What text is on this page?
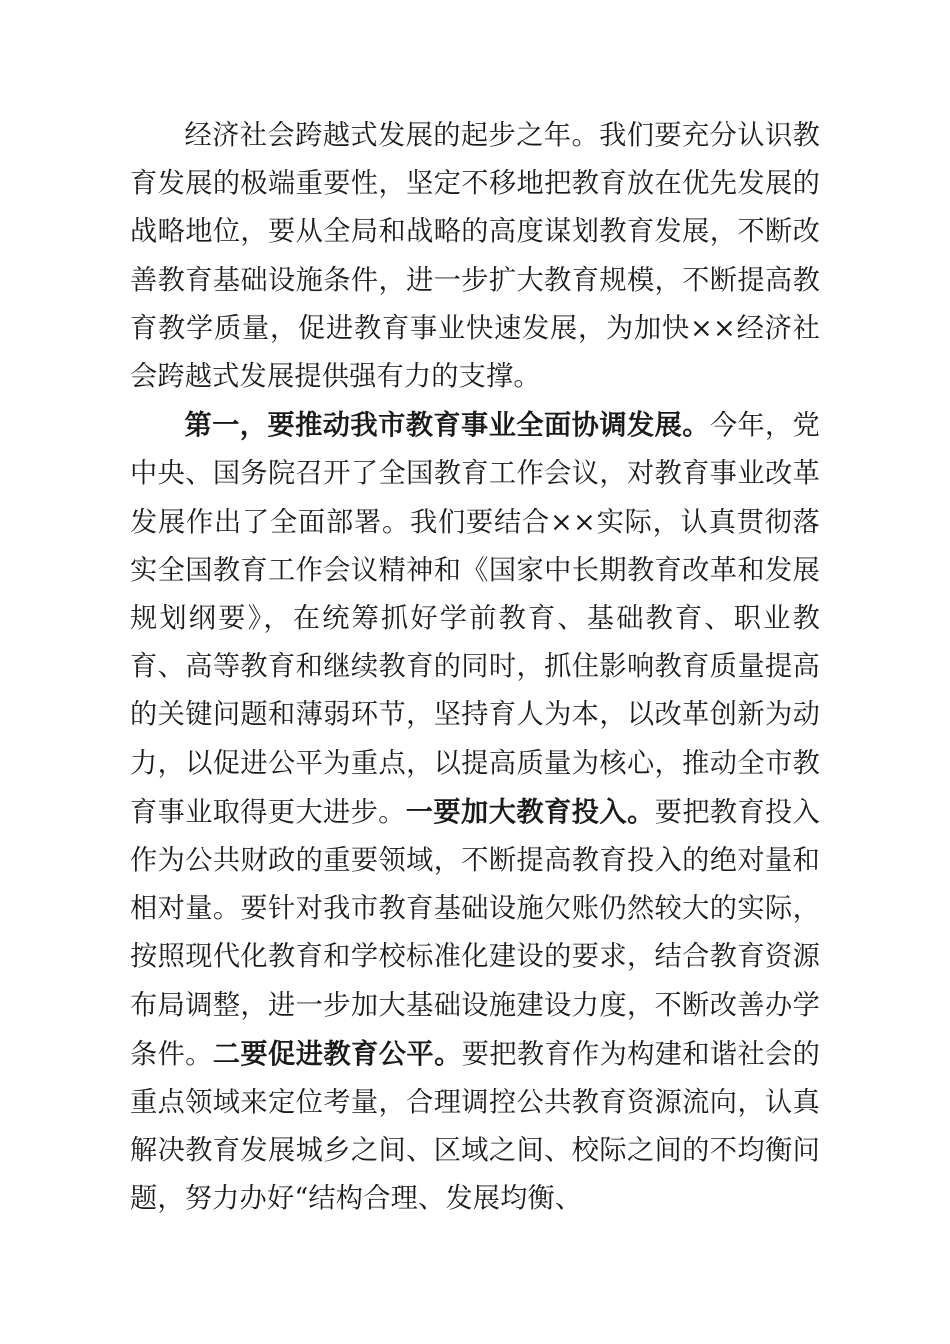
经济社会跨越式发展的起步之年。我们要充分认识教育发展的极端重要性，坚定不移地把教育放在优先发展的战略地位，要从全局和战略的高度谋划教育发展，不断改善教育基础设施条件，进一步扩大教育规模，不断提高教育教学质量，促进教育事业快速发展，为加快××经济社会跨越式发展提供强有力的支撑。

第一，要推动我市教育事业全面协调发展。今年，党中央、国务院召开了全国教育工作会议，对教育事业改革发展作出了全面部署。我们要结合××实际，认真贯彻落实全国教育工作会议精神和《国家中长期教育改革和发展规划纲要》，在统筹抓好学前教育、基础教育、职业教育、高等教育和继续教育的同时，抓住影响教育质量提高的关键问题和薄弱环节，坚持育人为本，以改革创新为动力，以促进公平为重点，以提高质量为核心，推动全市教育事业取得更大进步。一要加大教育投入。要把教育投入作为公共财政的重要领域，不断提高教育投入的绝对量和相对量。要针对我市教育基础设施欠账仍然较大的实际，按照现代化教育和学校标准化建设的要求，结合教育资源布局调整，进一步加大基础设施建设力度，不断改善办学条件。二要促进教育公平。要把教育作为构建和谐社会的重点领域来定位考量，合理调控公共教育资源流向，认真解决教育发展城乡之间、区域之间、校际之间的不均衡问题，努力办好“结构合理、发展均衡、
